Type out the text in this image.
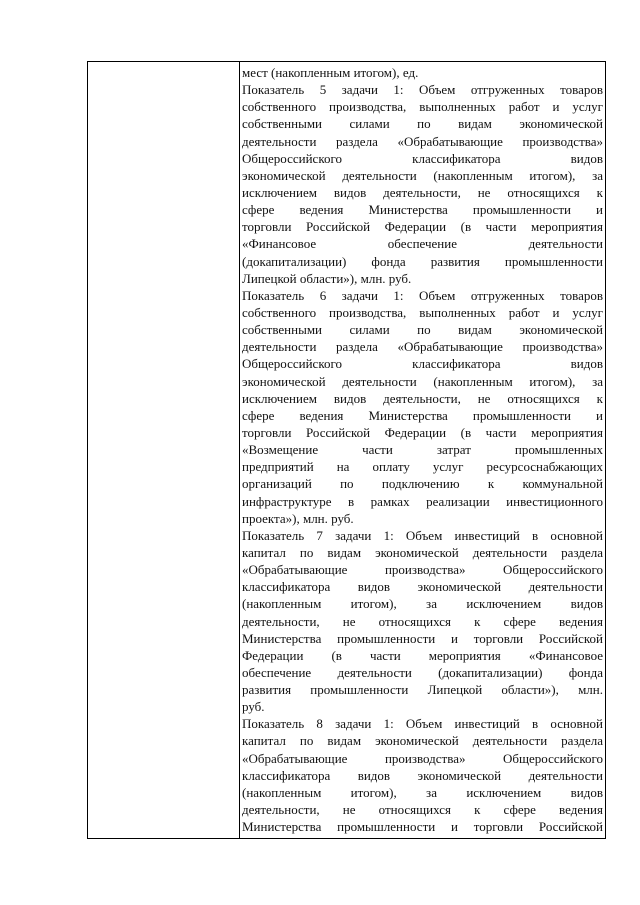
мест (накопленным итогом), ед.
Показатель 5 задачи 1: Объем отгруженных товаров
собственного производства, выполненных работ и услуг
собственными силами по видам экономической
деятельности раздела «Обрабатывающие производства»
Общероссийского классификатора видов
экономической деятельности (накопленным итогом), за
исключением видов деятельности, не относящихся к
сфере ведения Министерства промышленности и
торговли Российской Федерации (в части мероприятия
«Финансовое обеспечение деятельности
(докапитализации) фонда развития промышленности
Липецкой области»), млн. руб.
Показатель 6 задачи 1: Объем отгруженных товаров
собственного производства, выполненных работ и услуг
собственными силами по видам экономической
деятельности раздела «Обрабатывающие производства»
Общероссийского классификатора видов
экономической деятельности (накопленным итогом), за
исключением видов деятельности, не относящихся к
сфере ведения Министерства промышленности и
торговли Российской Федерации (в части мероприятия
«Возмещение части затрат промышленных
предприятий на оплату услуг ресурсоснабжающих
организаций по подключению к коммунальной
инфраструктуре в рамках реализации инвестиционного
проекта»), млн. руб.
Показатель 7 задачи 1: Объем инвестиций в основной
капитал по видам экономической деятельности раздела
«Обрабатывающие производства» Общероссийского
классификатора видов экономической деятельности
(накопленным итогом), за исключением видов
деятельности, не относящихся к сфере ведения
Министерства промышленности и торговли Российской
Федерации (в части мероприятия «Финансовое
обеспечение деятельности (докапитализации) фонда
развития промышленности Липецкой области»), млн.
руб.
Показатель 8 задачи 1: Объем инвестиций в основной
капитал по видам экономической деятельности раздела
«Обрабатывающие производства» Общероссийского
классификатора видов экономической деятельности
(накопленным итогом), за исключением видов
деятельности, не относящихся к сфере ведения
Министерства промышленности и торговли Российской
